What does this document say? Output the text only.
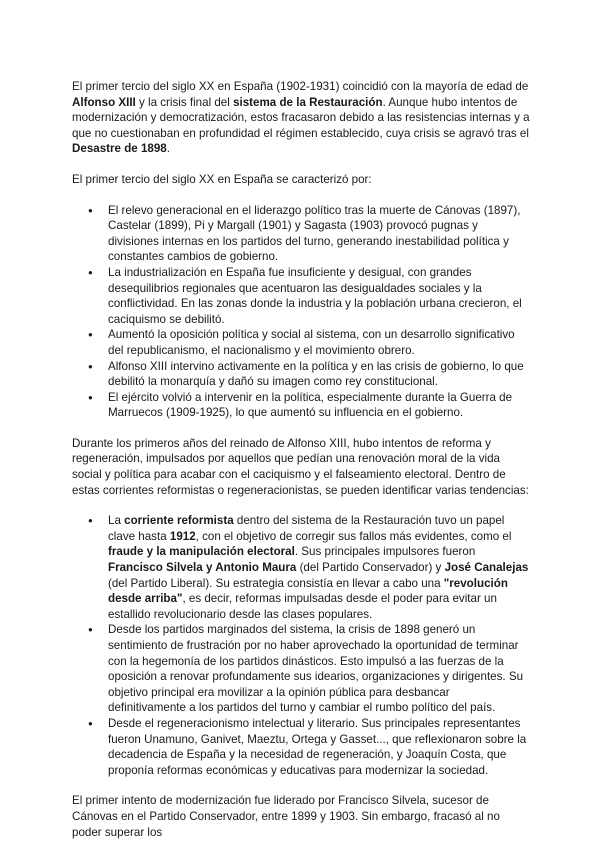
El primer tercio del siglo XX en España (1902-1931) coincidió con la mayoría de edad de Alfonso XIII y la crisis final del sistema de la Restauración. Aunque hubo intentos de modernización y democratización, estos fracasaron debido a las resistencias internas y a que no cuestionaban en profundidad el régimen establecido, cuya crisis se agravó tras el Desastre de 1898.

El primer tercio del siglo XX en España se caracterizó por:

● El relevo generacional en el liderazgo político tras la muerte de Cánovas (1897), Castelar (1899), Pi y Margall (1901) y Sagasta (1903) provocó pugnas y divisiones internas en los partidos del turno, generando inestabilidad política y constantes cambios de gobierno.
● La industrialización en España fue insuficiente y desigual, con grandes desequilibrios regionales que acentuaron las desigualdades sociales y la conflictividad. En las zonas donde la industria y la población urbana crecieron, el caciquismo se debilitó.
● Aumentó la oposición política y social al sistema, con un desarrollo significativo del republicanismo, el nacionalismo y el movimiento obrero.
● Alfonso XIII intervino activamente en la política y en las crisis de gobierno, lo que debilitó la monarquía y dañó su imagen como rey constitucional.
● El ejército volvió a intervenir en la política, especialmente durante la Guerra de Marruecos (1909-1925), lo que aumentó su influencia en el gobierno.

Durante los primeros años del reinado de Alfonso XIII, hubo intentos de reforma y regeneración, impulsados por aquellos que pedían una renovación moral de la vida social y política para acabar con el caciquismo y el falseamiento electoral. Dentro de estas corrientes reformistas o regeneracionistas, se pueden identificar varias tendencias:

● La corriente reformista dentro del sistema de la Restauración tuvo un papel clave hasta 1912, con el objetivo de corregir sus fallos más evidentes, como el fraude y la manipulación electoral. Sus principales impulsores fueron Francisco Silvela y Antonio Maura (del Partido Conservador) y José Canalejas (del Partido Liberal). Su estrategia consistía en llevar a cabo una "revolución desde arriba", es decir, reformas impulsadas desde el poder para evitar un estallido revolucionario desde las clases populares.
● Desde los partidos marginados del sistema, la crisis de 1898 generó un sentimiento de frustración por no haber aprovechado la oportunidad de terminar con la hegemonía de los partidos dinásticos. Esto impulsó a las fuerzas de la oposición a renovar profundamente sus idearios, organizaciones y dirigentes. Su objetivo principal era movilizar a la opinión pública para desbancar definitivamente a los partidos del turno y cambiar el rumbo político del país.
● Desde el regeneracionismo intelectual y literario. Sus principales representantes fueron Unamuno, Ganivet, Maeztu, Ortega y Gasset..., que reflexionaron sobre la decadencia de España y la necesidad de regeneración, y Joaquín Costa, que proponía reformas económicas y educativas para modernizar la sociedad.

El primer intento de modernización fue liderado por Francisco Silvela, sucesor de Cánovas en el Partido Conservador, entre 1899 y 1903. Sin embargo, fracasó al no poder superar los
